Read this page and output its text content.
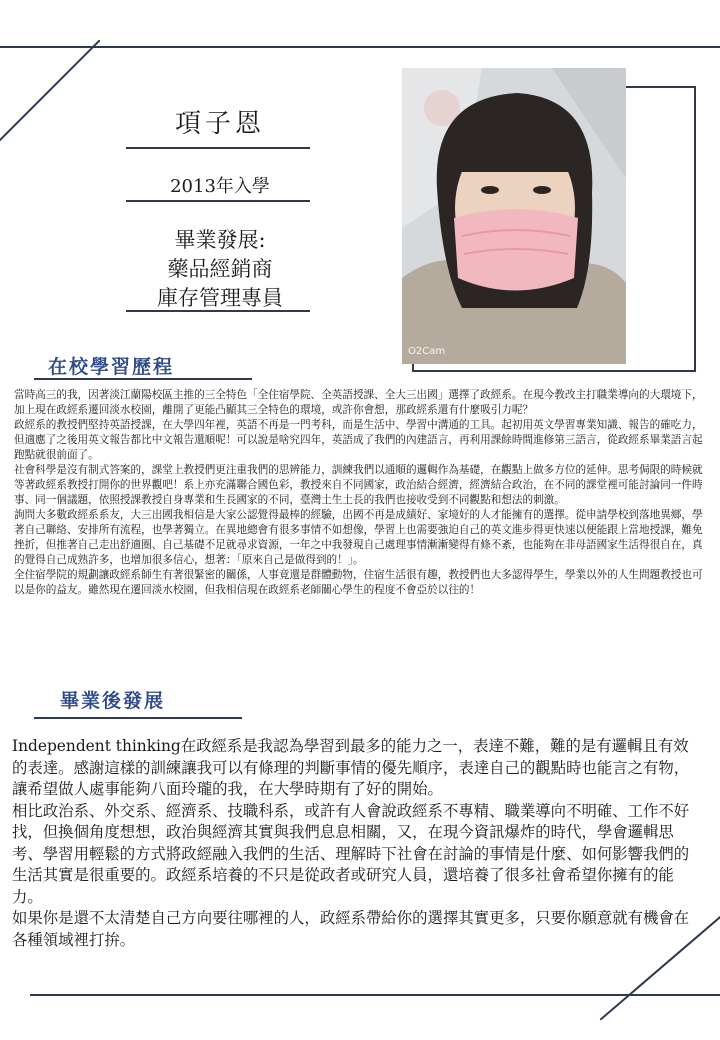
項子恩
2013年入學
畢業發展:
藥品經銷商
庫存管理專員
O2Cam
在校學習歷程

當時高三的我，因著淡江蘭陽校區主推的三全特色「全住宿學院、全英語授課、全大三出國」選擇了政經系。在現今教改主打職業導向的大環境下，加上現在政經系遷回淡水校園，離開了更能凸顯其三全特色的環境，或許你會想，那政經系還有什麼吸引力呢？

政經系的教授們堅持英語授課，在大學四年裡，英語不再是一門考科，而是生活中、學習中溝通的工具。起初用英文學習專業知識、報告的確吃力，但適應了之後用英文報告都比中文報告還順呢！可以說是啥究四年，英語成了我們的內建語言，再利用課餘時間進修第三語言，從政經系畢業語言起跑點就很前面了。

社會科學是沒有制式答案的，課堂上教授們更注重我們的思辨能力，訓練我們以通順的邏輯作為基礎，在觀點上做多方位的延伸。思考侷限的時候就等著政經系教授打開你的世界觀吧！系上亦充滿聯合國色彩，教授來自不同國家，政治結合經濟，經濟結合政治，在不同的課堂裡可能討論同一件時事、同一個議題，依照授課教授自身專業和生長國家的不同，臺灣土生土長的我們也接收受到不同觀點和想法的刺激。

詢問大多數政經系系友，大三出國我相信是大家公認覺得最棒的經驗，出國不再是成績好、家境好的人才能擁有的選擇。從申請學校到落地異鄉，學著自己聯絡、安排所有流程，也學著獨立。在異地總會有很多事情不如想像，學習上也需要強迫自己的英文進步得更快速以便能跟上當地授課，難免挫折，但推著自己走出舒適圈、自己基礎不足就尋求資源，一年之中我發現自己處理事情漸漸變得有條不紊，也能夠在非母語國家生活得很自在，真的覺得自己成熟許多，也增加很多信心，想著：「原來自己是做得到的！」。

全住宿學院的規劃讓政經系師生有著很緊密的關係，人事竟還是群體動物，住宿生活很有趣，教授們也大多認得學生，學業以外的人生問題教授也可以是你的益友。雖然現在遷回淡水校園，但我相信現在政經系老師關心學生的程度不會亞於以往的！

畢業後發展

Independent thinking在政經系是我認為學習到最多的能力之一，表達不難，難的是有邏輯且有效的表達。感謝這樣的訓練讓我可以有條理的判斷事情的優先順序，表達自己的觀點時也能言之有物，讓希望做人處事能夠八面玲瓏的我，在大學時期有了好的開始。

相比政治系、外交系、經濟系、技職科系，或許有人會說政經系不專精、職業導向不明確、工作不好找，但換個角度想想，政治與經濟其實與我們息息相關，又，在現今資訊爆炸的時代，學會邏輯思考、學習用輕鬆的方式將政經融入我們的生活、理解時下社會在討論的事情是什麼、如何影響我們的生活其實是很重要的。政經系培養的不只是從政者或研究人員，還培養了很多社會希望你擁有的能力。

如果你是還不太清楚自己方向要往哪裡的人，政經系帶給你的選擇其實更多，只要你願意就有機會在各種領域裡打拚。
